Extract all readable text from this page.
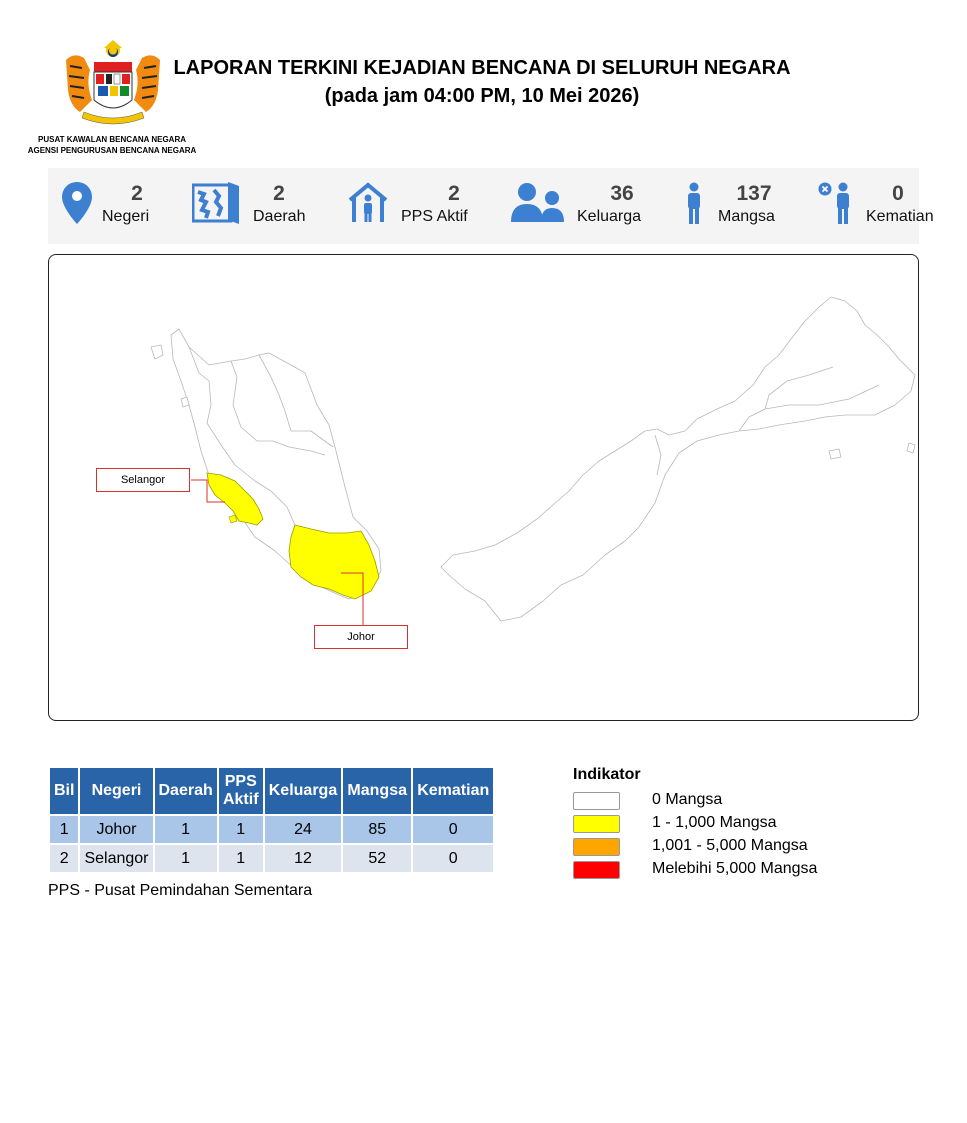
PUSAT KAWALAN BENCANA NEGARA
AGENSI PENGURUSAN BENCANA NEGARA
LAPORAN TERKINI KEJADIAN BENCANA DI SELURUH NEGARA
(pada jam 04:00 PM, 10 Mei 2026)
2
Negeri
2
Daerah
2
PPS Aktif
36
Keluarga
137
Mangsa
0
Kematian
Selangor
Johor
Bil	Negeri	Daerah	PPS Aktif	Keluarga	Mangsa	Kematian
1	Johor	1	1	24	85	0
2	Selangor	1	1	12	52	0
PPS - Pusat Pemindahan Sementara
Indikator
0 Mangsa
1 - 1,000 Mangsa
1,001 - 5,000 Mangsa
Melebihi 5,000 Mangsa
